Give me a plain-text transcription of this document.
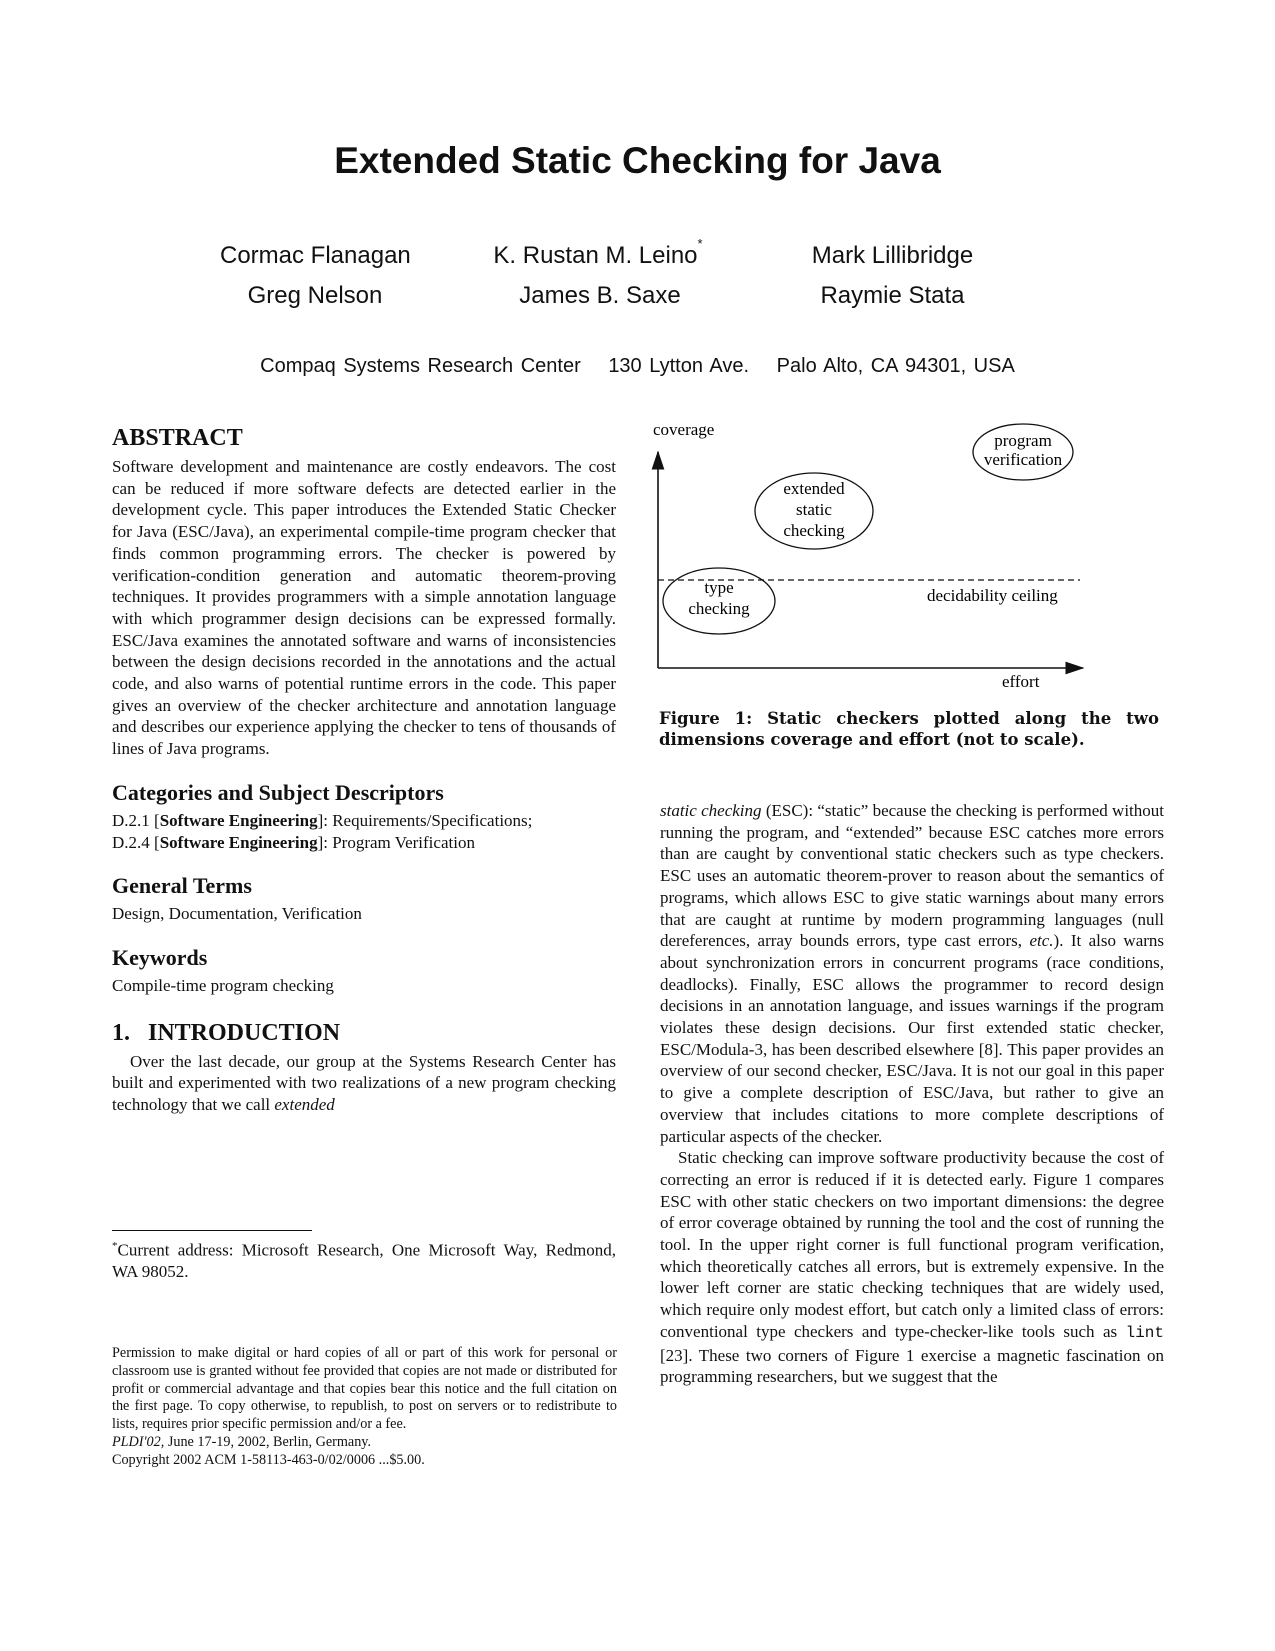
Extended Static Checking for Java
Cormac Flanagan	K. Rustan M. Leino*	Mark Lillibridge
Greg Nelson	James B. Saxe	Raymie Stata
Compaq Systems Research Center 130 Lytton Ave. Palo Alto, CA 94301, USA
ABSTRACT
Software development and maintenance are costly endeavors. The cost can be reduced if more software defects are detected earlier in the development cycle. This paper introduces the Extended Static Checker for Java (ESC/Java), an experimental compile-time program checker that finds common programming errors. The checker is powered by verification-condition generation and automatic theorem-proving techniques. It provides programmers with a simple annotation language with which programmer design decisions can be expressed formally. ESC/Java examines the annotated software and warns of inconsistencies between the design decisions recorded in the annotations and the actual code, and also warns of potential runtime errors in the code. This paper gives an overview of the checker architecture and annotation language and describes our experience applying the checker to tens of thousands of lines of Java programs.
Categories and Subject Descriptors
D.2.1 [Software Engineering]: Requirements/Specifications;
D.2.4 [Software Engineering]: Program Verification
General Terms
Design, Documentation, Verification
Keywords
Compile-time program checking
1.   INTRODUCTION

Over the last decade, our group at the Systems Research Center has built and experimented with two realizations of a new program checking technology that we call extended

*Current address: Microsoft Research, One Microsoft Way, Redmond, WA 98052.
Permission to make digital or hard copies of all or part of this work for personal or classroom use is granted without fee provided that copies are not made or distributed for profit or commercial advantage and that copies bear this notice and the full citation on the first page. To copy otherwise, to republish, to post on servers or to redistribute to lists, requires prior specific permission and/or a fee.
PLDI'02, June 17-19, 2002, Berlin, Germany.
Copyright 2002 ACM 1-58113-463-0/02/0006 ...$5.00.
coverage
effort
decidability ceiling
program
verification
extended
static
checking
type
checking
Figure 1: Static checkers plotted along the two dimensions coverage and effort (not to scale).

static checking (ESC): “static” because the checking is performed without running the program, and “extended” because ESC catches more errors than are caught by conventional static checkers such as type checkers. ESC uses an automatic theorem-prover to reason about the semantics of programs, which allows ESC to give static warnings about many errors that are caught at runtime by modern programming languages (null dereferences, array bounds errors, type cast errors, etc.). It also warns about synchronization errors in concurrent programs (race conditions, deadlocks). Finally, ESC allows the programmer to record design decisions in an annotation language, and issues warnings if the program violates these design decisions. Our first extended static checker, ESC/Modula-3, has been described elsewhere [8]. This paper provides an overview of our second checker, ESC/Java. It is not our goal in this paper to give a complete description of ESC/Java, but rather to give an overview that includes citations to more complete descriptions of particular aspects of the checker.

Static checking can improve software productivity because the cost of correcting an error is reduced if it is detected early. Figure 1 compares ESC with other static checkers on two important dimensions: the degree of error coverage obtained by running the tool and the cost of running the tool. In the upper right corner is full functional program verification, which theoretically catches all errors, but is extremely expensive. In the lower left corner are static checking techniques that are widely used, which require only modest effort, but catch only a limited class of errors: conventional type checkers and type-checker-like tools such as lint [23]. These two corners of Figure 1 exercise a magnetic fascination on programming researchers, but we suggest that the
